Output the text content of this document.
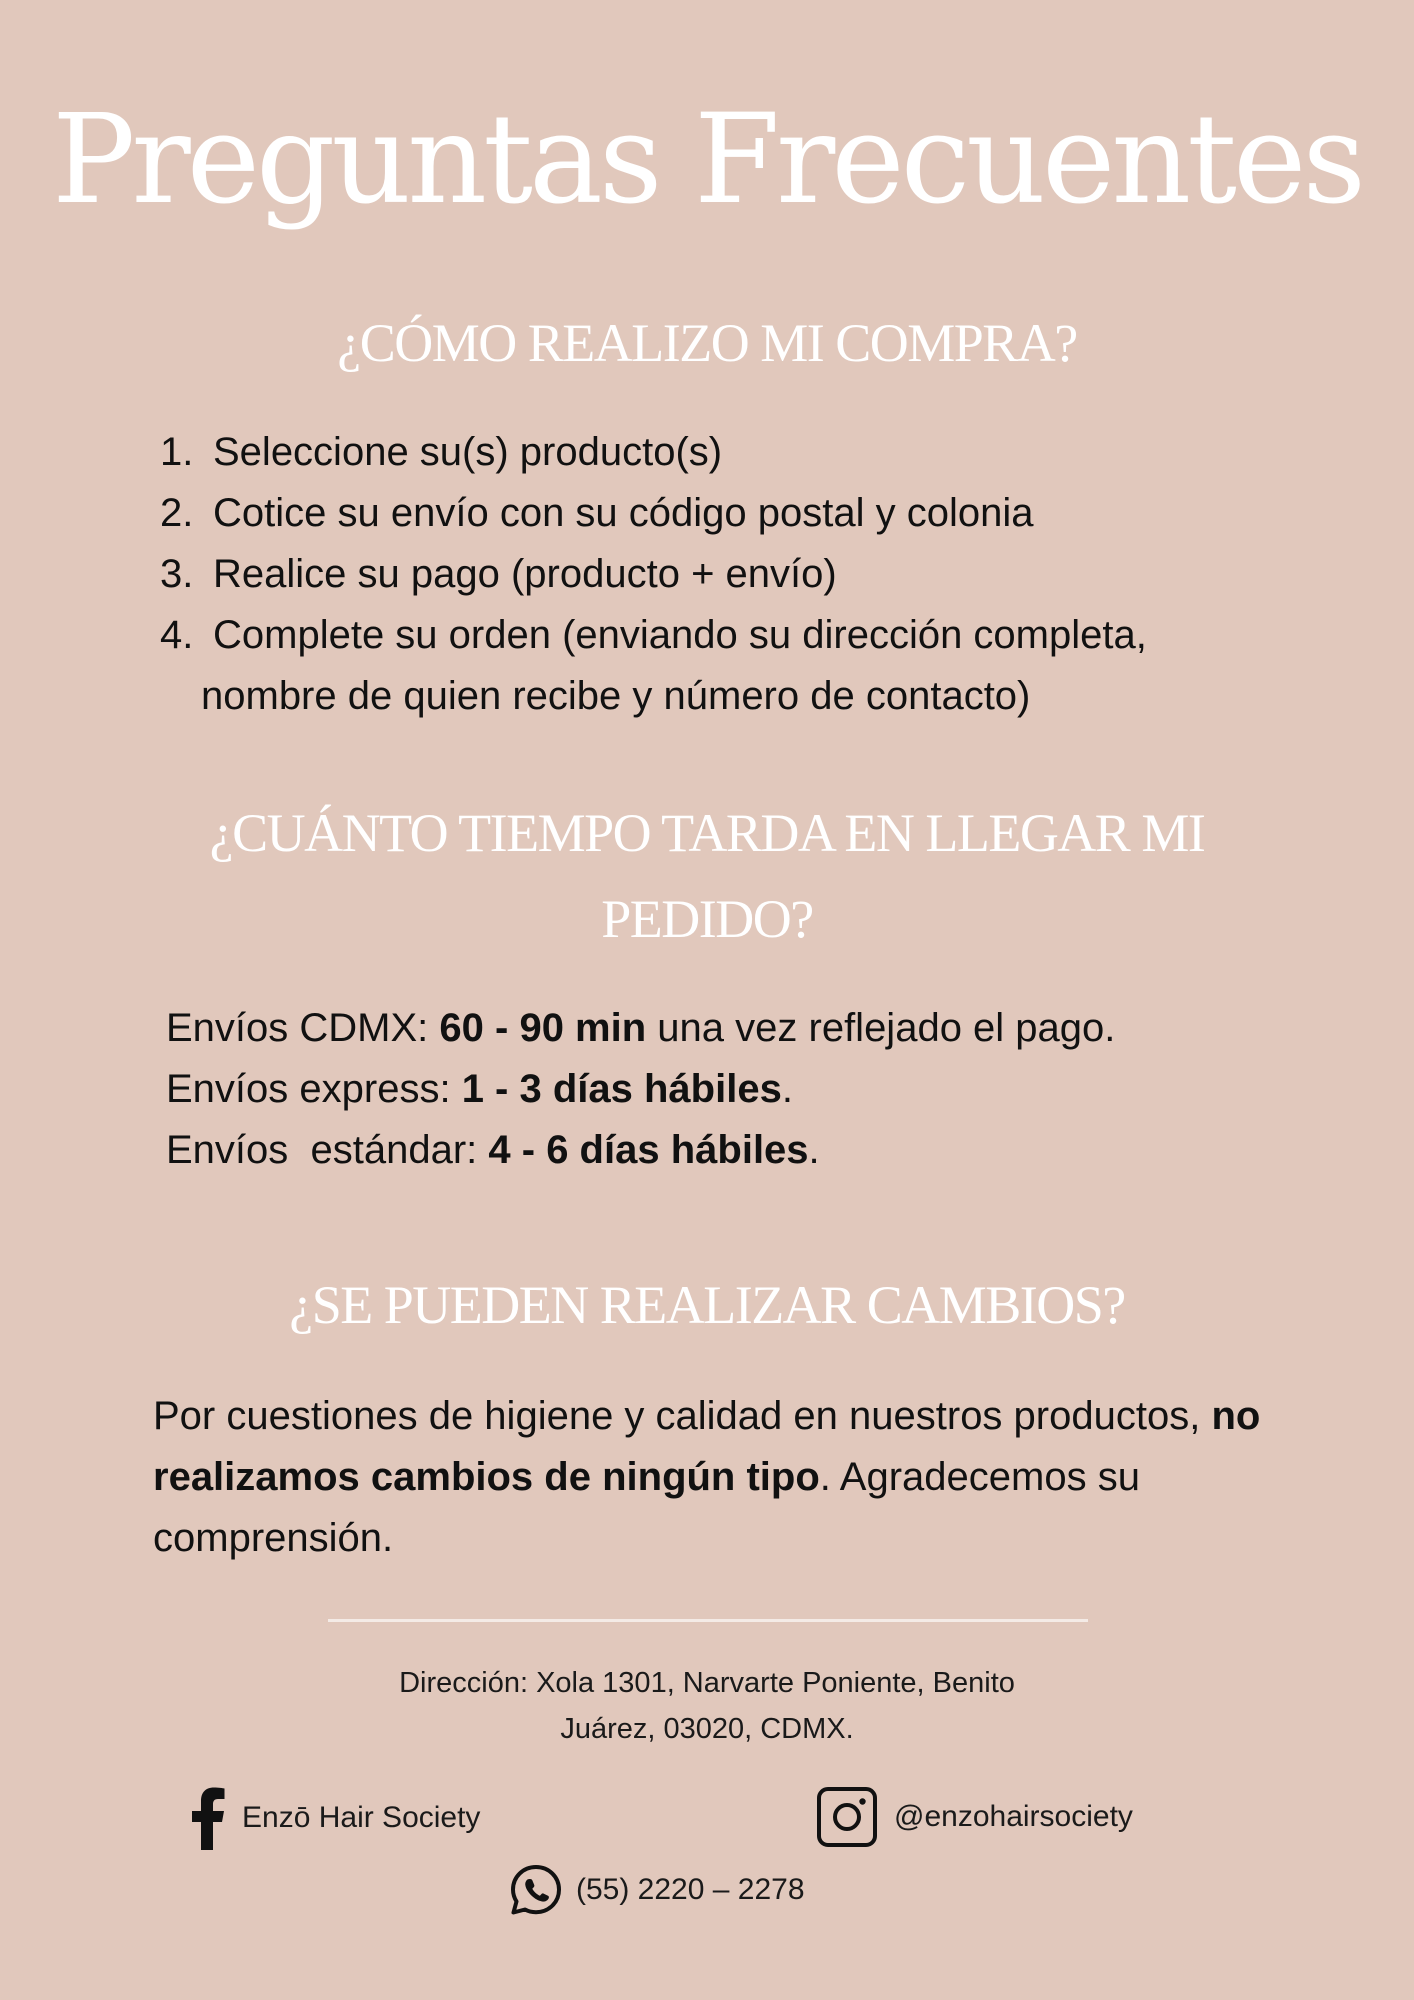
Preguntas Frecuentes
¿CÓMO REALIZO MI COMPRA?
1. Seleccione su(s) producto(s)
2. Cotice su envío con su código postal y colonia
3. Realice su pago (producto + envío)
4. Complete su orden (enviando su dirección completa,
nombre de quien recibe y número de contacto)
¿CUÁNTO TIEMPO TARDA EN LLEGAR MI
PEDIDO?
Envíos CDMX: 60 - 90 min una vez reflejado el pago.
Envíos express: 1 - 3 días hábiles.
Envíos  estándar: 4 - 6 días hábiles.
¿SE PUEDEN REALIZAR CAMBIOS?

Por cuestiones de higiene y calidad en nuestros productos, no realizamos cambios de ningún tipo. Agradecemos su comprensión.

Dirección: Xola 1301, Narvarte Poniente, Benito
Juárez, 03020, CDMX.
Enzō Hair Society	@enzohairsociety
(55) 2220 – 2278
